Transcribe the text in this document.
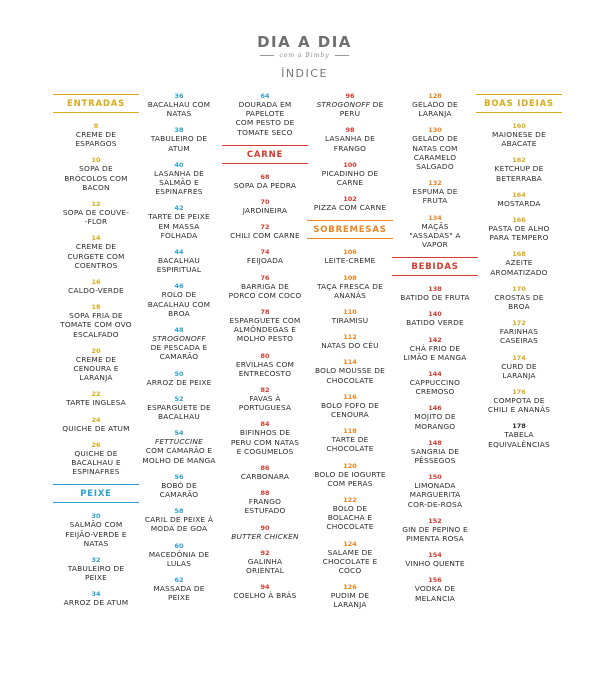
DIA A DIA
com a Bimby
ÍNDICE
ENTRADAS
8
CREME DE
ESPARGOS
10
SOPA DE
BRÓCOLOS COM
BACON
12
SOPA DE COUVE-
-FLOR
14
CREME DE
CURGETE COM
COENTROS
16
CALDO-VERDE
18
SOPA FRIA DE
TOMATE COM OVO
ESCALFADO
20
CREME DE
CENOURA E
LARANJA
22
TARTE INGLESA
24
QUICHE DE ATUM
26
QUICHE DE
BACALHAU E
ESPINAFRES
PEIXE
30
SALMÃO COM
FEIJÃO-VERDE E
NATAS
32
TABULEIRO DE
PEIXE
34
ARROZ DE ATUM
36
BACALHAU COM
NATAS
38
TABULEIRO DE
ATUM
40
LASANHA DE
SALMÃO E
ESPINAFRES
42
TARTE DE PEIXE
EM MASSA
FOLHADA
44
BACALHAU
ESPIRITUAL
46
ROLO DE
BACALHAU COM
BROA
48
STROGONOFF
DE PESCADA E
CAMARÃO
50
ARROZ DE PEIXE
52
ESPARGUETE DE
BACALHAU
54
FETTUCCINE
COM CAMARÃO E
MOLHO DE MANGA
56
BOBÓ DE
CAMARÃO
58
CARIL DE PEIXE À
MODA DE GOA
60
MACEDÓNIA DE
LULAS
62
MASSADA DE
PEIXE
64
DOURADA EM
PAPELOTE
COM PESTO DE
TOMATE SECO
CARNE
68
SOPA DA PEDRA
70
JARDINEIRA
72
CHILI COM CARNE
74
FEIJOADA
76
BARRIGA DE
PORCO COM COCO
78
ESPARGUETE COM
ALMÔNDEGAS E
MOLHO PESTO
80
ERVILHAS COM
ENTRECOSTO
82
FAVAS À
PORTUGUESA
84
BIFINHOS DE
PERU COM NATAS
E COGUMELOS
86
CARBONARA
88
FRANGO
ESTUFADO
90
BUTTER CHICKEN
92
GALINHA
ORIENTAL
94
COELHO À BRÁS
96
STROGONOFF DE
PERU
98
LASANHA DE
FRANGO
100
PICADINHO DE
CARNE
102
PIZZA COM CARNE
SOBREMESAS
106
LEITE-CREME
108
TAÇA FRESCA DE
ANANÁS
110
TIRAMISU
112
NATAS DO CÉU
114
BOLO MOUSSE DE
CHOCOLATE
116
BOLO FOFO DE
CENOURA
118
TARTE DE
CHOCOLATE
120
BOLO DE IOGURTE
COM PERAS
122
BOLO DE
BOLACHA E
CHOCOLATE
124
SALAME DE
CHOCOLATE E
COCO
126
PUDIM DE
LARANJA
128
GELADO DE
LARANJA
130
GELADO DE
NATAS COM
CARAMELO
SALGADO
132
ESPUMA DE
FRUTA
134
MAÇÃS
"ASSADAS" A
VAPOR
BEBIDAS
138
BATIDO DE FRUTA
140
BATIDO VERDE
142
CHÁ FRIO DE
LIMÃO E MANGA
144
CAPPUCCINO
CREMOSO
146
MOJITO DE
MORANGO
148
SANGRIA DE
PÊSSEGOS
150
LIMONADA
MARGUERITA
COR-DE-ROSA
152
GIN DE PEPINO E
PIMENTA ROSA
154
VINHO QUENTE
156
VODKA DE
MELANCIA
BOAS IDEIAS
160
MAIONESE DE
ABACATE
162
KETCHUP DE
BETERRABA
164
MOSTARDA
166
PASTA DE ALHO
PARA TEMPERO
168
AZEITE
AROMATIZADO
170
CROSTAS DE
BROA
172
FARINHAS
CASEIRAS
174
CURD DE
LARANJA
176
COMPOTA DE
CHILI E ANANÁS
178
TABELA
EQUIVALÊNCIAS
